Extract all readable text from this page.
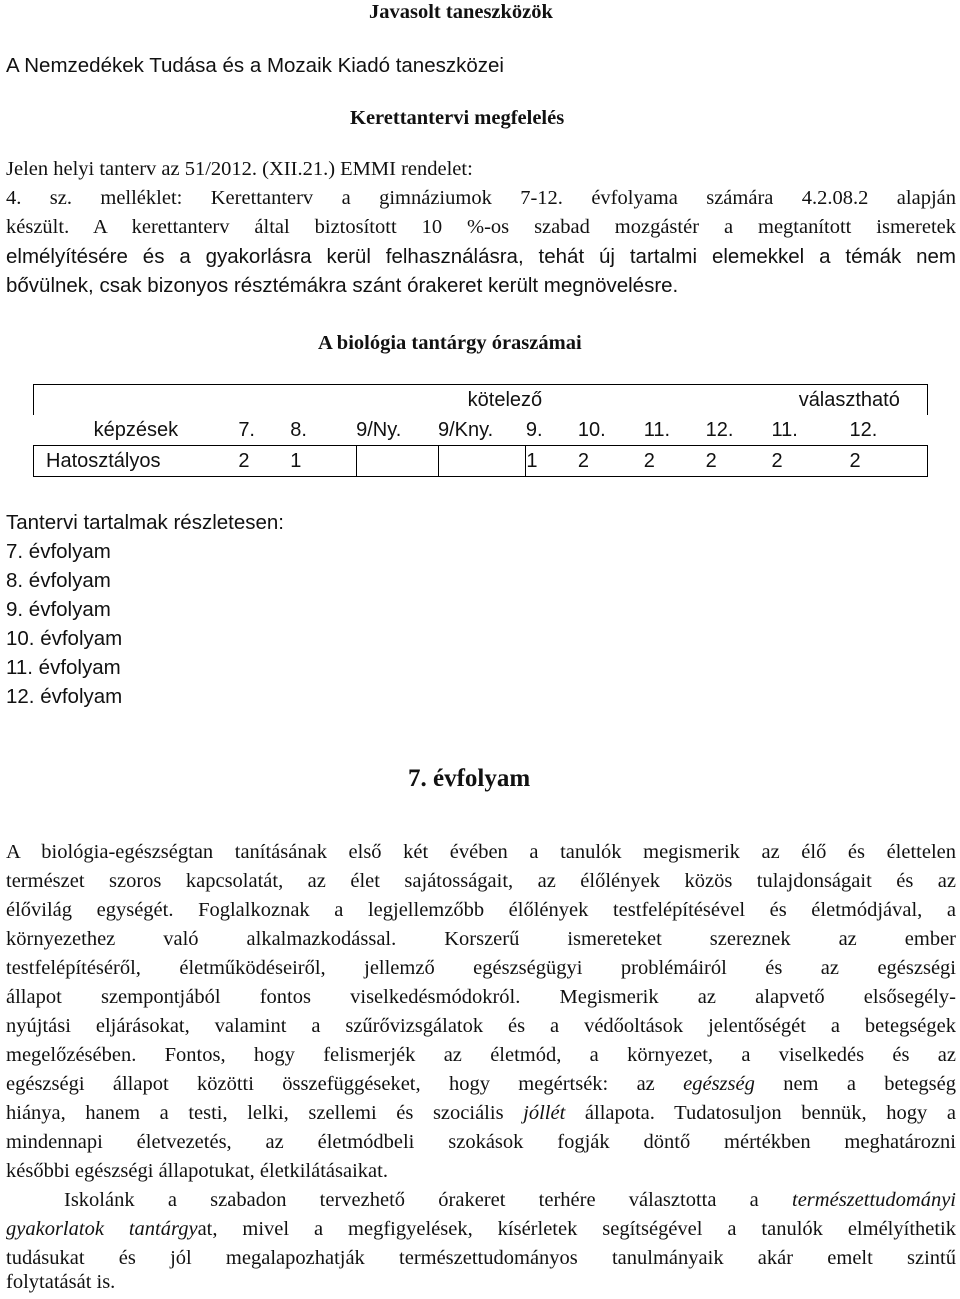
Javasolt taneszközök
A Nemzedékek Tudása és a Mozaik Kiadó taneszközei
Kerettantervi megfelelés
Jelen helyi tanterv az 51/2012. (XII.21.) EMMI rendelet:
4. sz. melléklet: Kerettanterv a gimnáziumok 7-12. évfolyama számára 4.2.08.2 alapján
készült. A kerettanterv által biztosított 10 %-os szabad mozgástér a megtanított ismeretek
elmélyítésére és a gyakorlásra kerül felhasználásra, tehát új tartalmi elemekkel a témák nem
bővülnek, csak bizonyos résztémákra szánt órakeret került megnövelésre.
A biológia tantárgy óraszámai
	kötelező								választható	
képzések	7.	8.	9/Ny.	9/Kny.	9.	10.	11.	12.	11.	12.
Hatosztályos	2	1			1	2	2	2	2	2
Tantervi tartalmak részletesen:
7. évfolyam
8. évfolyam
9. évfolyam
10. évfolyam
11. évfolyam
12. évfolyam
7. évfolyam
A biológia-egészségtan tanításának első két évében a tanulók megismerik az élő és élettelen
természet szoros kapcsolatát, az élet sajátosságait, az élőlények közös tulajdonságait és az
élővilág egységét. Foglalkoznak a legjellemzőbb élőlények testfelépítésével és életmódjával, a
környezethez való alkalmazkodással. Korszerű ismereteket szereznek az ember
testfelépítéséről, életműködéseiről, jellemző egészségügyi problémáiról és az egészségi
állapot szempontjából fontos viselkedésmódokról. Megismerik az alapvető elsősegély-
nyújtási eljárásokat, valamint a szűrővizsgálatok és a védőoltások jelentőségét a betegségek
megelőzésében. Fontos, hogy felismerjék az életmód, a környezet, a viselkedés és az
egészségi állapot közötti összefüggéseket, hogy megértsék: az egészség nem a betegség
hiánya, hanem a testi, lelki, szellemi és szociális jóllét állapota. Tudatosuljon bennük, hogy a
mindennapi életvezetés, az életmódbeli szokások fogják döntő mértékben meghatározni
későbbi egészségi állapotukat, életkilátásaikat.
Iskolánk a szabadon tervezhető órakeret terhére választotta a természettudományi
gyakorlatok tantárgyat, mivel a megfigyelések, kísérletek segítségével a tanulók elmélyíthetik
tudásukat és jól megalapozhatják természettudományos tanulmányaik akár emelt szintű
folytatását is.
